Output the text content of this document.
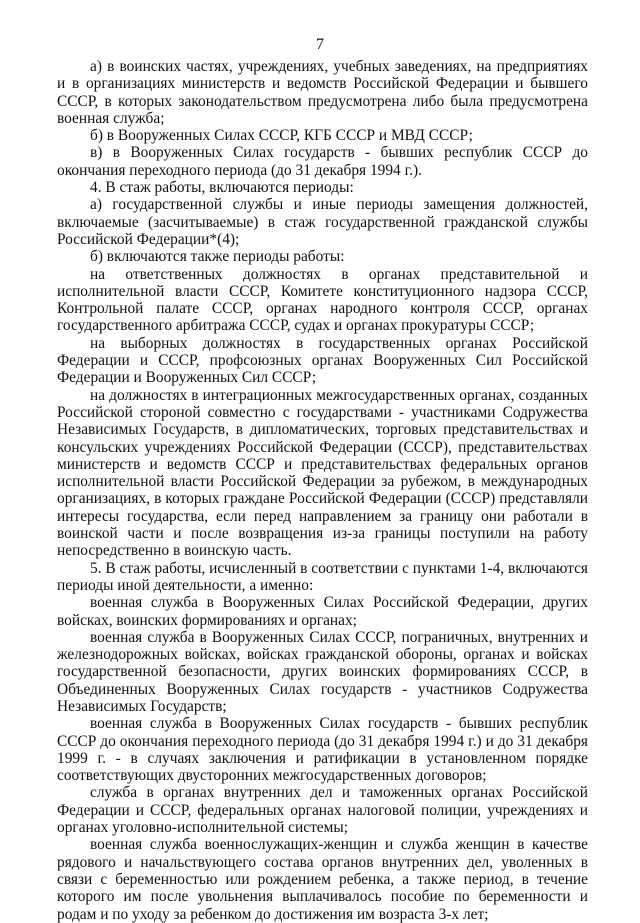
7

а) в воинских частях, учреждениях, учебных заведениях, на предприятиях и в организациях министерств и ведомств Российской Федерации и бывшего СССР, в которых законодательством предусмотрена либо была предусмотрена военная служба;

б) в Вооруженных Силах СССР, КГБ СССР и МВД СССР;

в) в Вооруженных Силах государств - бывших республик СССР до окончания переходного периода (до 31 декабря 1994 г.).

4. В стаж работы, включаются периоды:

а) государственной службы и иные периоды замещения должностей, включаемые (засчитываемые) в стаж государственной гражданской службы Российской Федерации*(4);

б) включаются также периоды работы:

на ответственных должностях в органах представительной и исполнительной власти СССР, Комитете конституционного надзора СССР, Контрольной палате СССР, органах народного контроля СССР, органах государственного арбитража СССР, судах и органах прокуратуры СССР;

на выборных должностях в государственных органах Российской Федерации и СССР, профсоюзных органах Вооруженных Сил Российской Федерации и Вооруженных Сил СССР;

на должностях в интеграционных межгосударственных органах, созданных Российской стороной совместно с государствами - участниками Содружества Независимых Государств, в дипломатических, торговых представительствах и консульских учреждениях Российской Федерации (СССР), представительствах министерств и ведомств СССР и представительствах федеральных органов исполнительной власти Российской Федерации за рубежом, в международных организациях, в которых граждане Российской Федерации (СССР) представляли интересы государства, если перед направлением за границу они работали в воинской части и после возвращения из-за границы поступили на работу непосредственно в воинскую часть.

5. В стаж работы, исчисленный в соответствии с пунктами 1-4, включаются периоды иной деятельности, а именно:

военная служба в Вооруженных Силах Российской Федерации, других войсках, воинских формированиях и органах;

военная служба в Вооруженных Силах СССР, пограничных, внутренних и железнодорожных войсках, войсках гражданской обороны, органах и войсках государственной безопасности, других воинских формированиях СССР, в Объединенных Вооруженных Силах государств - участников Содружества Независимых Государств;

военная служба в Вооруженных Силах государств - бывших республик СССР до окончания переходного периода (до 31 декабря 1994 г.) и до 31 декабря 1999 г. - в случаях заключения и ратификации в установленном порядке соответствующих двусторонних межгосударственных договоров;

служба в органах внутренних дел и таможенных органах Российской Федерации и СССР, федеральных органах налоговой полиции, учреждениях и органах уголовно-исполнительной системы;

военная служба военнослужащих-женщин и служба женщин в качестве рядового и начальствующего состава органов внутренних дел, уволенных в связи с беременностью или рождением ребенка, а также период, в течение которого им после увольнения выплачивалось пособие по беременности и родам и по уходу за ребенком до достижения им возраста 3-х лет;
